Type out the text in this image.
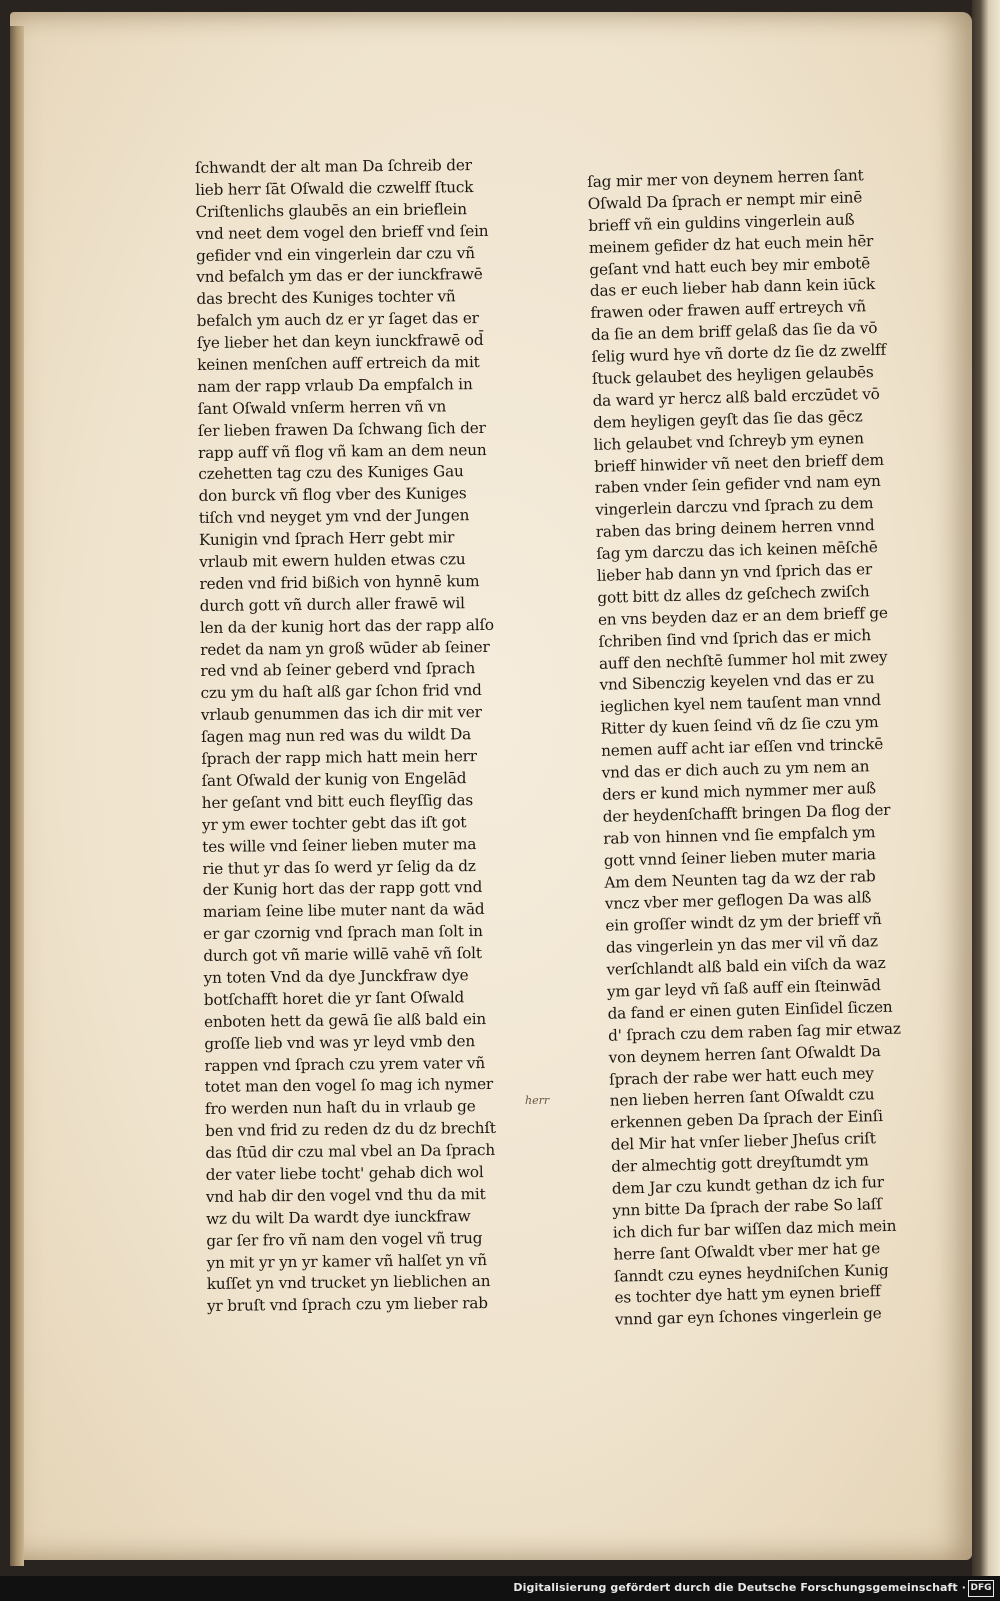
ſchwandt der alt man Da ſchreib der
lieb herr ſāt Oſwald die czwelff ſtuck
Criſtenlichs glaubēs an ein brieflein
vnd neet dem vogel den brieff vnd ſein
gefider vnd ein vingerlein dar czu vñ
vnd befalch ym das er der iunckfrawē
das brecht des Kuniges tochter vñ
befalch ym auch dz er yr ſaget das er
ſye lieber het dan keyn iunckfrawē od̄
keinen menſchen auff ertreich da mit
nam der rapp vrlaub Da empfalch in
ſant Oſwald vnſerm herren vñ vn
ſer lieben frawen Da ſchwang ſich der
rapp auff vñ flog vñ kam an dem neun
czehetten tag czu des Kuniges Gau
don burck vñ flog vber des Kuniges
tiſch vnd neyget ym vnd der Jungen
Kunigin vnd ſprach Herr gebt mir
vrlaub mit ewern hulden etwas czu
reden vnd frid bißich von hynnē kum
durch gott vñ durch aller frawē wil
len da der kunig hort das der rapp alſo
redet da nam yn groß wūder ab ſeiner
red vnd ab ſeiner geberd vnd ſprach
czu ym du haſt alß gar ſchon frid vnd
vrlaub genummen das ich dir mit ver
ſagen mag nun red was du wildt Da
ſprach der rapp mich hatt mein herr
ſant Oſwald der kunig von Engelād
her geſant vnd bitt euch fleyſſig das
yr ym ewer tochter gebt das iſt got
tes wille vnd ſeiner lieben muter ma
rie thut yr das ſo werd yr ſelig da dz
der Kunig hort das der rapp gott vnd
mariam ſeine libe muter nant da wād
er gar czornig vnd ſprach man ſolt in
durch got vñ marie willē vahē vñ ſolt
yn toten Vnd da dye Junckfraw dye
botſchafft horet die yr ſant Oſwald
enboten hett da gewā ſie alß bald ein
groſſe lieb vnd was yr leyd vmb den
rappen vnd ſprach czu yrem vater vñ
totet man den vogel ſo mag ich nymer
fro werden nun haſt du in vrlaub ge
ben vnd frid zu reden dz du dz brechſt
das ſtūd dir czu mal vbel an Da ſprach
der vater liebe tocht' gehab dich wol
vnd hab dir den vogel vnd thu da mit
wz du wilt Da wardt dye iunckfraw
gar ſer fro vñ nam den vogel vñ trug
yn mit yr yn yr kamer vñ halſet yn vñ
kuſſet yn vnd trucket yn lieblichen an
yr bruſt vnd ſprach czu ym lieber rab
ſag mir mer von deynem herren ſant
Oſwald Da ſprach er nempt mir einē
brieff vñ ein guldins vingerlein auß
meinem gefider dz hat euch mein hēr
geſant vnd hatt euch bey mir embotē
das er euch lieber hab dann kein iūck
frawen oder frawen auff ertreych vñ
da ſie an dem briff gelaß das ſie da vō
ſelig wurd hye vñ dorte dz ſie dz zwelff
ſtuck gelaubet des heyligen gelaubēs
da ward yr hercz alß bald erczūdet vō
dem heyligen geyſt das ſie das gēcz
lich gelaubet vnd ſchreyb ym eynen
brieff hinwider vñ neet den brieff dem
raben vnder ſein gefider vnd nam eyn
vingerlein darczu vnd ſprach zu dem
raben das bring deinem herren vnnd
ſag ym darczu das ich keinen mēſchē
lieber hab dann yn vnd ſprich das er
gott bitt dz alles dz geſchech zwiſch
en vns beyden daz er an dem brieff ge
ſchriben ſind vnd ſprich das er mich
auff den nechſtē ſummer hol mit zwey
vnd Sibenczig keyelen vnd das er zu
ieglichen kyel nem tauſent man vnnd
Ritter dy kuen ſeind vñ dz ſie czu ym
nemen auff acht iar eſſen vnd trinckē
vnd das er dich auch zu ym nem an
ders er kund mich nymmer mer auß
der heydenſchafft bringen Da flog der
rab von hinnen vnd ſie empfalch ym
gott vnnd ſeiner lieben muter maria
Am dem Neunten tag da wz der rab
vncz vber mer geflogen Da was alß
ein groſſer windt dz ym der brieff vñ
das vingerlein yn das mer vil vñ daz
verſchlandt alß bald ein viſch da waz
ym gar leyd vñ ſaß auff ein ſteinwād
da fand er einen guten Einſidel ſiczen
d' ſprach czu dem raben ſag mir etwaz
von deynem herren ſant Oſwaldt Da
ſprach der rabe wer hatt euch mey
nen lieben herren ſant Oſwaldt czu
erkennen geben Da ſprach der Einſi
del Mir hat vnſer lieber Jheſus criſt
der almechtig gott dreyſtumdt ym
dem Jar czu kundt gethan dz ich fur
ynn bitte Da ſprach der rabe So laſſ
ich dich fur bar wiſſen daz mich mein
herre ſant Oſwaldt vber mer hat ge
ſanndt czu eynes heydniſchen Kunig
es tochter dye hatt ym eynen brieff
vnnd gar eyn ſchones vingerlein ge
herr
Digitalisierung gefördert durch die Deutsche Forschungsgemeinschaft · DFG
